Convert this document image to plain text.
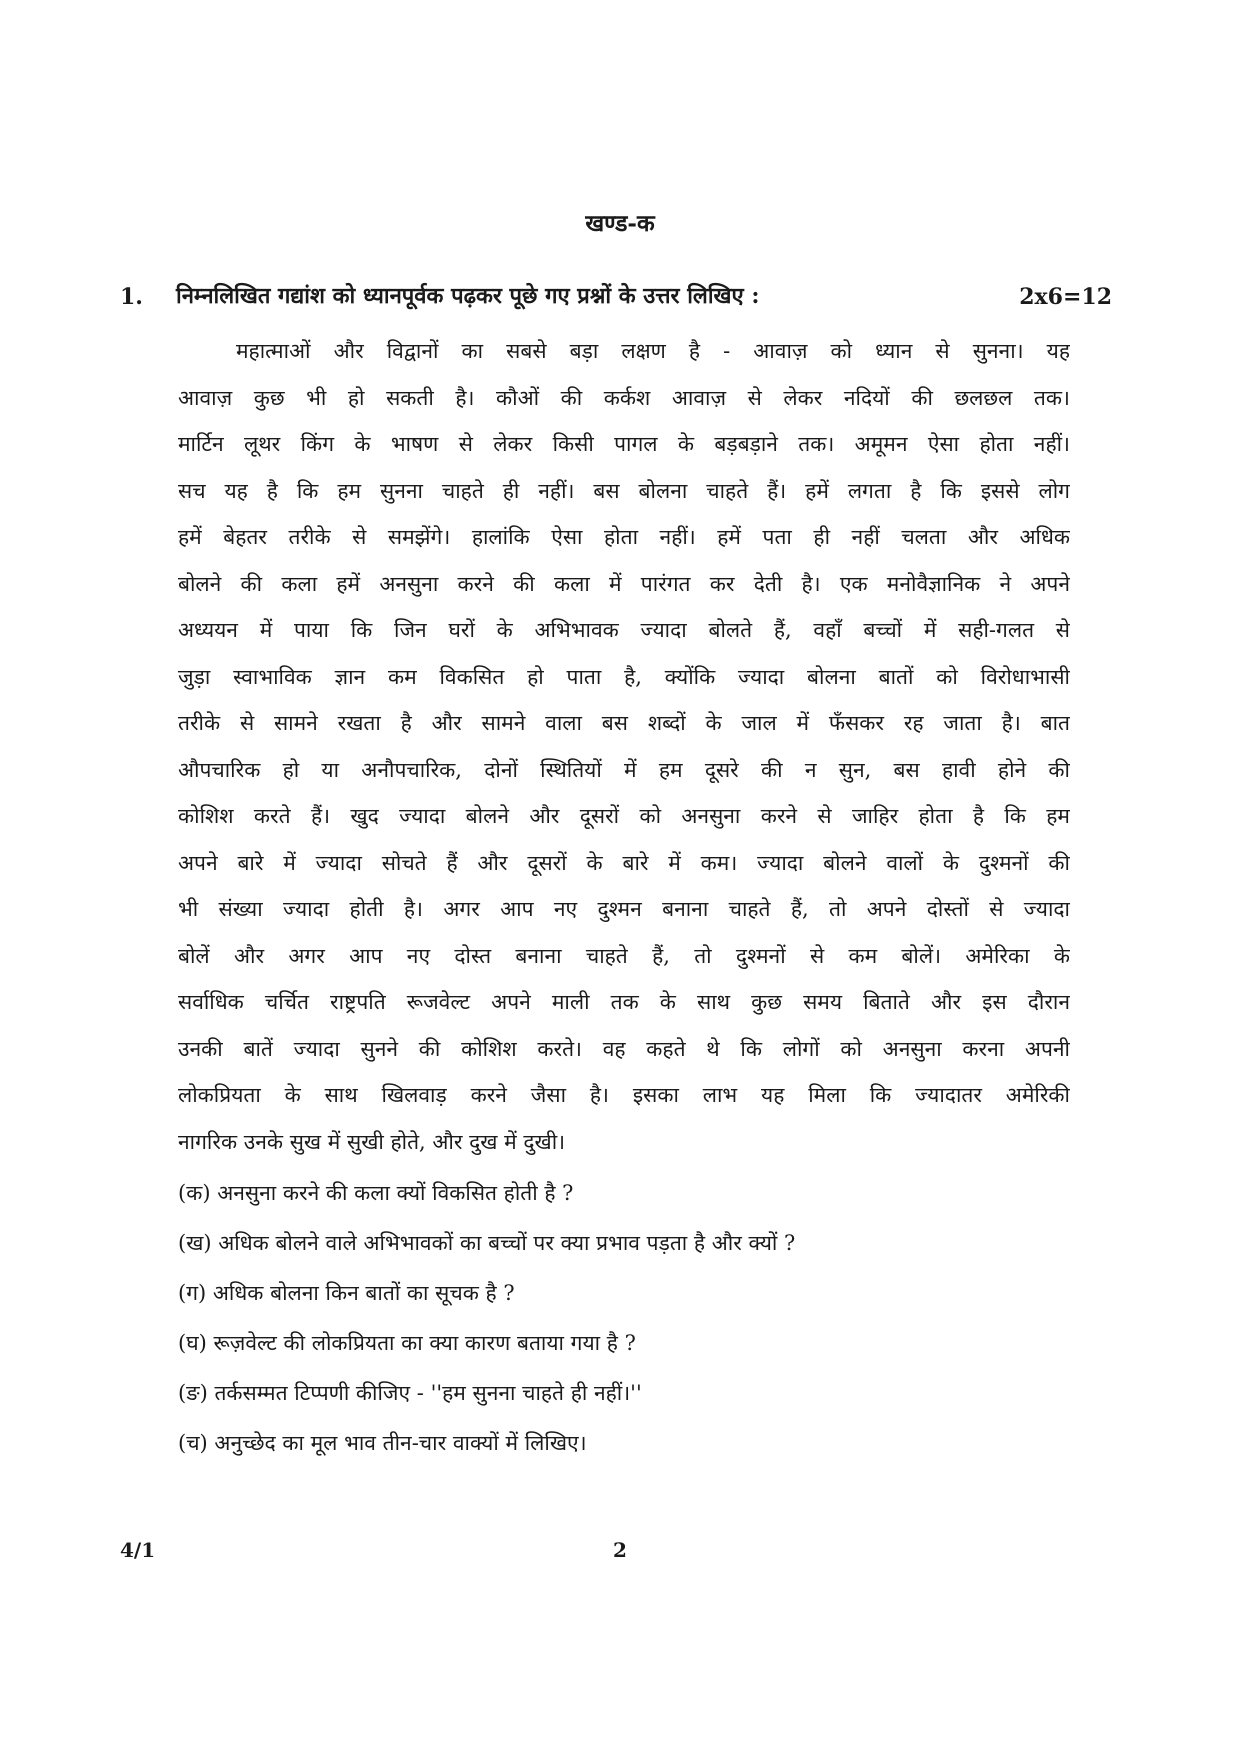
खण्ड-क
1. निम्नलिखित गद्यांश को ध्यानपूर्वक पढ़कर पूछे गए प्रश्नों के उत्तर लिखिए :	2x6=12
महात्माओं और विद्वानों का सबसे बड़ा लक्षण है - आवाज़ को ध्यान से सुनना। यह
आवाज़ कुछ भी हो सकती है। कौओं की कर्कश आवाज़ से लेकर नदियों की छलछल तक।
मार्टिन लूथर किंग के भाषण से लेकर किसी पागल के बड़बड़ाने तक। अमूमन ऐसा होता नहीं।
सच यह है कि हम सुनना चाहते ही नहीं। बस बोलना चाहते हैं। हमें लगता है कि इससे लोग
हमें बेहतर तरीके से समझेंगे। हालांकि ऐसा होता नहीं। हमें पता ही नहीं चलता और अधिक
बोलने की कला हमें अनसुना करने की कला में पारंगत कर देती है। एक मनोवैज्ञानिक ने अपने
अध्ययन में पाया कि जिन घरों के अभिभावक ज्यादा बोलते हैं, वहाँ बच्चों में सही-गलत से
जुड़ा स्वाभाविक ज्ञान कम विकसित हो पाता है, क्योंकि ज्यादा बोलना बातों को विरोधाभासी
तरीके से सामने रखता है और सामने वाला बस शब्दों के जाल में फँसकर रह जाता है। बात
औपचारिक हो या अनौपचारिक, दोनों स्थितियों में हम दूसरे की न सुन, बस हावी होने की
कोशिश करते हैं। खुद ज्यादा बोलने और दूसरों को अनसुना करने से जाहिर होता है कि हम
अपने बारे में ज्यादा सोचते हैं और दूसरों के बारे में कम। ज्यादा बोलने वालों के दुश्मनों की
भी संख्या ज्यादा होती है। अगर आप नए दुश्मन बनाना चाहते हैं, तो अपने दोस्तों से ज्यादा
बोलें और अगर आप नए दोस्त बनाना चाहते हैं, तो दुश्मनों से कम बोलें। अमेरिका के
सर्वाधिक चर्चित राष्ट्रपति रूजवेल्ट अपने माली तक के साथ कुछ समय बिताते और इस दौरान
उनकी बातें ज्यादा सुनने की कोशिश करते। वह कहते थे कि लोगों को अनसुना करना अपनी
लोकप्रियता के साथ खिलवाड़ करने जैसा है। इसका लाभ यह मिला कि ज्यादातर अमेरिकी
नागरिक उनके सुख में सुखी होते, और दुख में दुखी।
(क) अनसुना करने की कला क्यों विकसित होती है ?
(ख) अधिक बोलने वाले अभिभावकों का बच्चों पर क्या प्रभाव पड़ता है और क्यों ?
(ग) अधिक बोलना किन बातों का सूचक है ?
(घ) रूज़वेल्ट की लोकप्रियता का क्या कारण बताया गया है ?
(ङ) तर्कसम्मत टिप्पणी कीजिए - ''हम सुनना चाहते ही नहीं।''
(च) अनुच्छेद का मूल भाव तीन-चार वाक्यों में लिखिए।
4/1	2
